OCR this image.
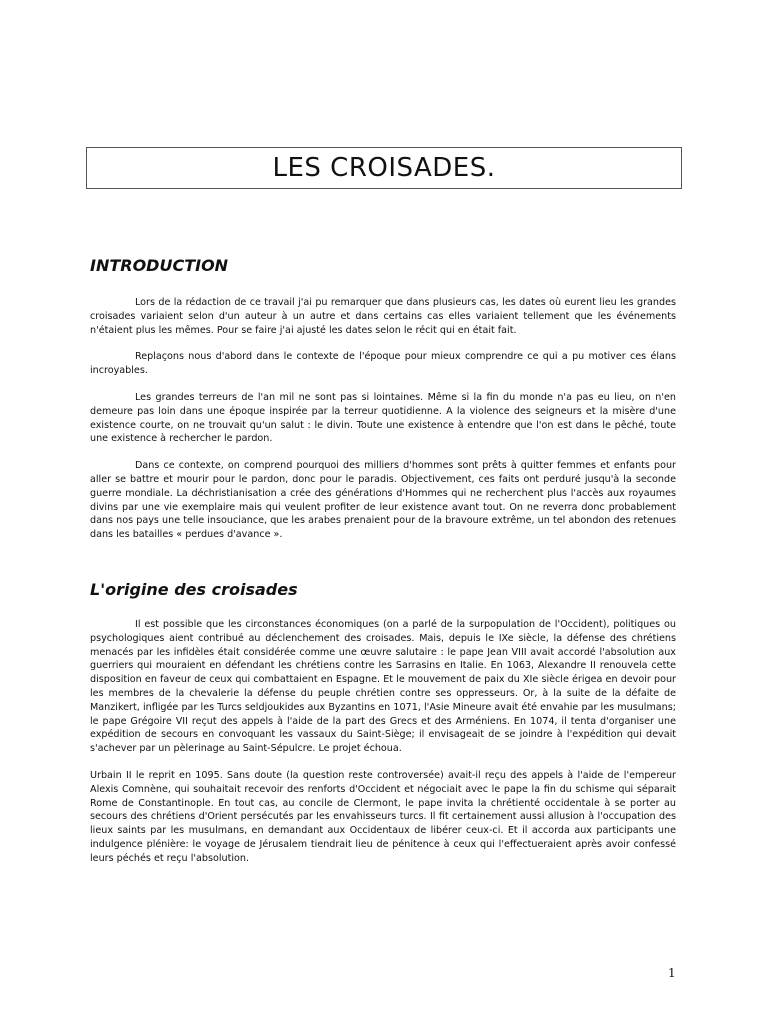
LES CROISADES.
INTRODUCTION

Lors de la rédaction de ce travail j'ai pu remarquer que dans plusieurs cas, les dates où eurent lieu les grandes croisades variaient selon d'un auteur à un autre et dans certains cas elles variaient tellement que les événements n'étaient plus les mêmes. Pour se faire j'ai ajusté les dates selon le récit qui en était fait.

Replaçons nous d'abord dans le contexte de l'époque pour mieux comprendre ce qui a pu motiver ces élans incroyables.

Les grandes terreurs de l'an mil ne sont pas si lointaines. Même si la fin du monde n'a pas eu lieu, on n'en demeure pas loin dans une époque inspirée par la terreur quotidienne. A la violence des seigneurs et la misère d'une existence courte, on ne trouvait qu'un salut : le divin. Toute une existence à entendre que l'on est dans le pêché, toute une existence à rechercher le pardon.

Dans ce contexte, on comprend pourquoi des milliers d'hommes sont prêts à quitter femmes et enfants pour aller se battre et mourir pour le pardon, donc pour le paradis. Objectivement, ces faits ont perduré jusqu'à la seconde guerre mondiale. La déchristianisation a crée des générations d'Hommes qui ne recherchent plus l'accès aux royaumes divins par une vie exemplaire mais qui veulent profiter de leur existence avant tout. On ne reverra donc probablement dans nos pays une telle insouciance, que les arabes prenaient pour de la bravoure extrême, un tel abondon des retenues dans les batailles « perdues d'avance ».

L'origine des croisades

Il est possible que les circonstances économiques (on a parlé de la surpopulation de l'Occident), politiques ou psychologiques aient contribué au déclenchement des croisades. Mais, depuis le IXe siècle, la défense des chrétiens menacés par les infidèles était considérée comme une œuvre salutaire : le pape Jean VIII avait accordé l'absolution aux guerriers qui mouraient en défendant les chrétiens contre les Sarrasins en Italie. En 1063, Alexandre II renouvela cette disposition en faveur de ceux qui combattaient en Espagne. Et le mouvement de paix du XIe siècle érigea en devoir pour les membres de la chevalerie la défense du peuple chrétien contre ses oppresseurs. Or, à la suite de la défaite de Manzikert, infligée par les Turcs seldjoukides aux Byzantins en 1071, l'Asie Mineure avait été envahie par les musulmans; le pape Grégoire VII reçut des appels à l'aide de la part des Grecs et des Arméniens. En 1074, il tenta d'organiser une expédition de secours en convoquant les vassaux du Saint-Siège; il envisageait de se joindre à l'expédition qui devait s'achever par un pèlerinage au Saint-Sépulcre. Le projet échoua.

Urbain II le reprit en 1095. Sans doute (la question reste controversée) avait-il reçu des appels à l'aide de l'empereur Alexis Comnène, qui souhaitait recevoir des renforts d'Occident et négociait avec le pape la fin du schisme qui séparait Rome de Constantinople. En tout cas, au concile de Clermont, le pape invita la chrétienté occidentale à se porter au secours des chrétiens d'Orient persécutés par les envahisseurs turcs. Il fit certainement aussi allusion à l'occupation des lieux saints par les musulmans, en demandant aux Occidentaux de libérer ceux-ci. Et il accorda aux participants une indulgence plénière: le voyage de Jérusalem tiendrait lieu de pénitence à ceux qui l'effectueraient après avoir confessé leurs péchés et reçu l'absolution.

1
